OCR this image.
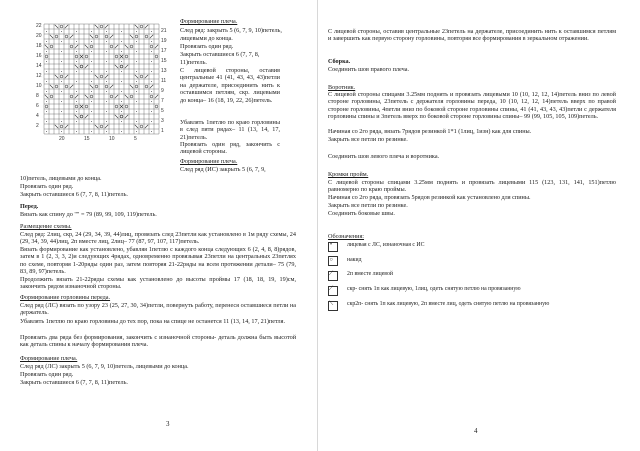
22
20
18
16
14
12
10
8
6
4
2
21
19
17
15
13
11
9
7
5
3
1
20	15	10	5
Формирование плеча.
След ряд: закрыть 5 (6, 7, 9, 10)петель,
лицевыми до конца.
Провязать один ряд.
Закрыть оставшиеся 6 (7, 7, 8,
11)петель.
С лицевой стороны, оставив центральные 41 (41, 43, 43, 43)петли на держателе, присоединить нить к оставшимся петлям, скр. лицевыми до конца– 16 (18, 19, 22, 26)петель.
Убавлять 1петлю по краю горловины в след пяти рядах– 11 (13, 14, 17, 21)петель.
Провязать один ряд, закончить с лицевой стороны.
Формирование плеча.
След ряд (ИС) закрыть 5 (6, 7, 9,
10)петель, лицевыми до конца.
Провязать один ряд.
Закрыть оставшиеся 6 (7, 7, 8, 11)петель.
Перед.
Вязать как спину до "" = 79 (89, 99, 109, 119)петель.
Размещение схемы.
След ряд: 2лиц, скр, 24 (29, 34, 39, 44)лиц, провязать след 23петли как установлено в 1м ряду схемы, 24 (29, 34, 39, 44)лиц, 2п вместе лиц, 2лиц– 77 (87, 97, 107, 117)петель.
Вязать формирование как установлено, убавляя 1петлю с каждого конца следующих 6 (2, 4, 8, 8)рядов, затем в 1 (2, 3, 3, 2)и следующих 4рядах, одновременно провязывая 23петли на центральных 23петлях по схеме, повторяя 1-20ряды один раз, затем повторяя 21-22ряды на всем протяжении детали– 75 (79, 83, 89, 97)петель.
Продолжить вязать 21-22ряды схемы как установлено до высоты проймы 17 (18, 18, 19, 19)см, закончить рядом изнаночной стороны.
Формирование горловины переда.
След ряд (ЛС) вязать по узору 23 (25, 27, 30, 34)петли, повернуть работу, перенеся оставшиеся петли на держатель.
Убавлять 1петлю по краю горловины до тех пор, пока на спице не останется 11 (13, 14, 17, 21)петля.
Провязать два ряда без формирования, закончить с изнаночной стороны- деталь должна быть высотой как деталь спины к началу формирования плеча.
Формирование плеча.
След ряд (ЛС) закрыть 5 (6, 7, 9, 10)петель, лицевыми до конца.
Провязать один ряд.
Закрыть оставшиеся 6 (7, 7, 8, 11)петель.
3
С лицевой стороны, оставив центральные 23петель на держателе, присоединить нить к оставшимся петлям и завершить как первую сторону горловины, повторяя все формирования в зеркальном отражении.
Сборка.
Соединить шов правого плеча.
Воротник.
С лицевой стороны спицами 3.25мм поднять и провязать лицевыми 10 (10, 12, 12, 14)петель вниз по левой стороне горловины, 23петель с держателя горловины переда, 10 (10, 12, 12, 14)петель вверх по правой стороне горловины, 4петли вниз по боковой стороне горловины спины, 41 (41, 43, 43, 43)петли с держателя горловины спины и 3петель вверх по боковой стороне горловины спины– 99 (99, 105, 105, 109)петель.
Начиная со 2го ряда, вязать 7рядов резинкой 1*1 (1лиц, 1изн) как для спины.
Закрыть все петли по резинке.
Соединить шов левого плеча и воротника.
Кромки пройм.
С лицевой стороны спицами 3.25мм поднять и провязать лицевыми 115 (123, 131, 141, 151)петлю равномерно по краю проймы.
Начиная со 2го ряда, провязать 5рядов резинкой как установлено для спины.
Закрыть все петли по резинке.
Соединить боковые швы.
Обозначения:
•	лицевая с ЛС, изнаночная с ИС
○ накид
⟋ 2п вместе лицевой
⟋ скр- снять 1п как лицевую, 1лиц, одеть снятую петлю на провязанную
⟍ скр2п- снять 1п как лицевую, 2п вместе лиц, одеть снятую петлю на провязанную
4
